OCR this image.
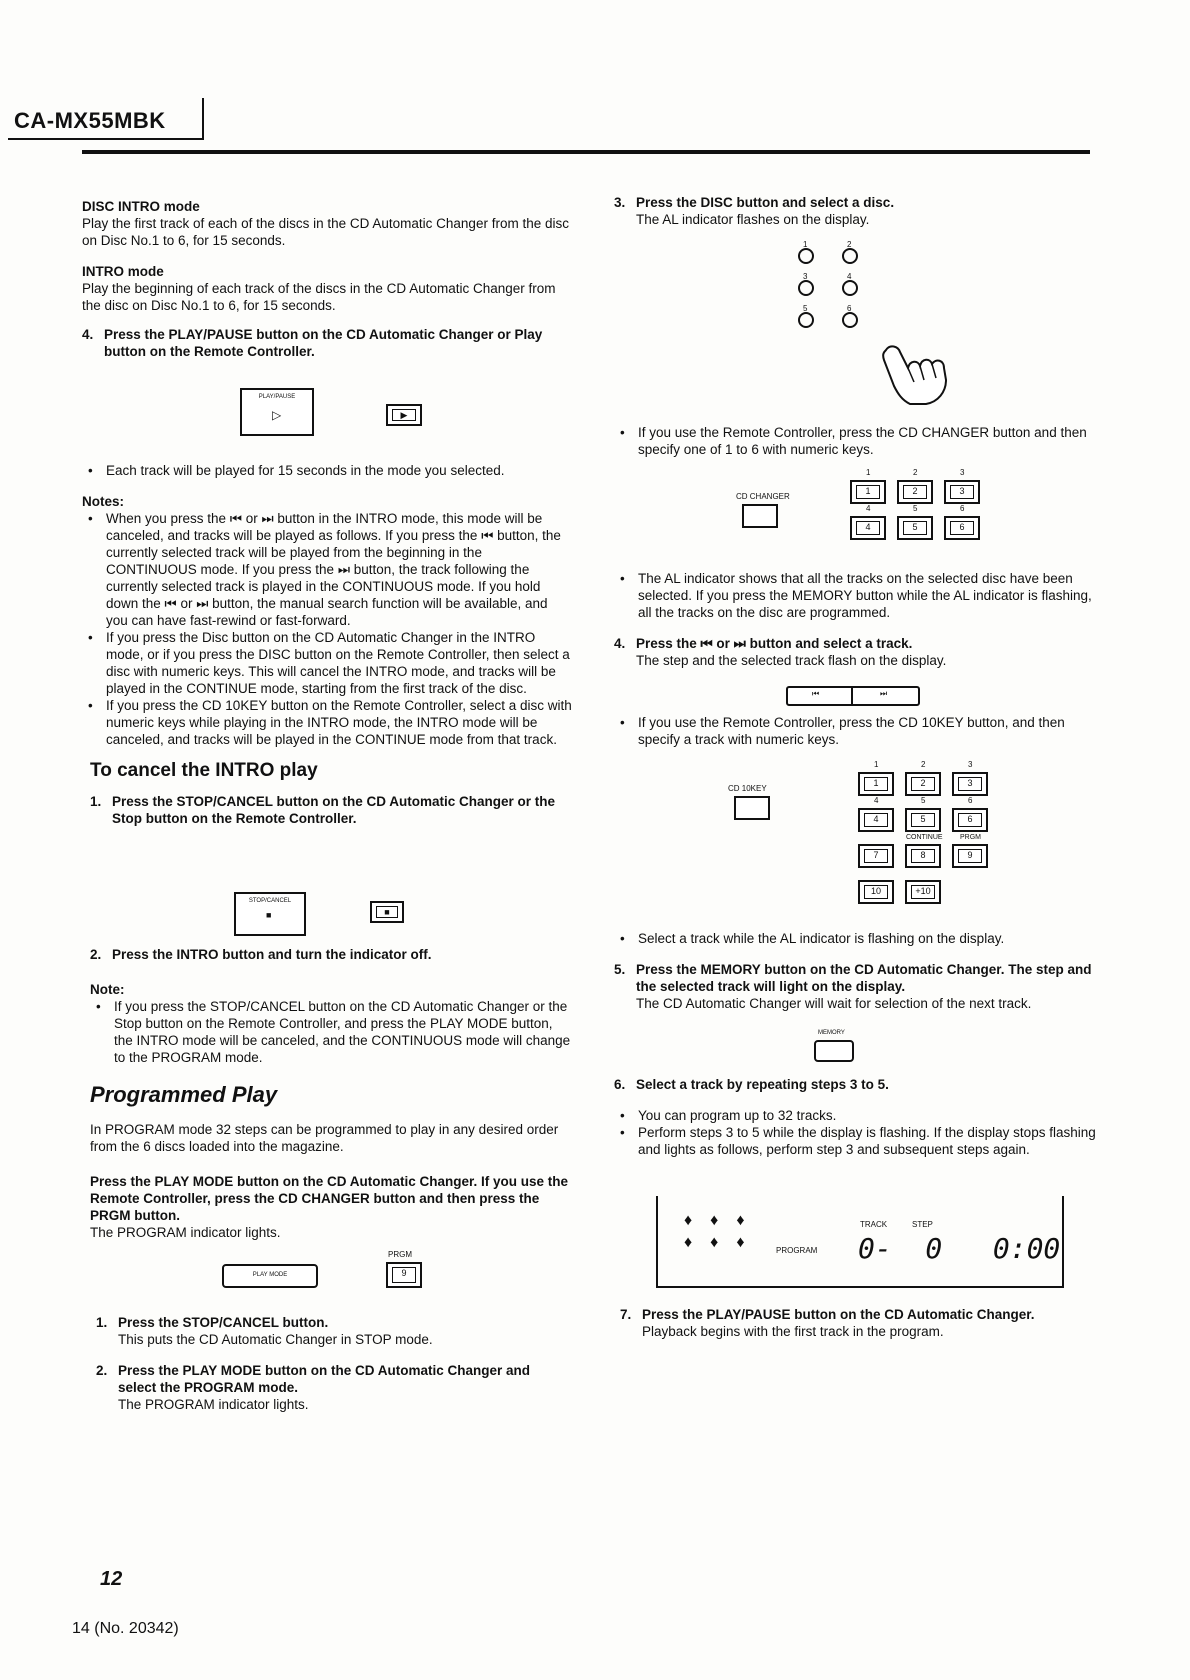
CA-MX55MBK
DISC INTRO mode
Play the first track of each of the discs in the CD Automatic Changer from the disc on Disc No.1 to 6, for 15 seconds.
INTRO mode
Play the beginning of each track of the discs in the CD Automatic Changer from the disc on Disc No.1 to 6, for 15 seconds.
4. Press the PLAY/PAUSE button on the CD Automatic Changer or Play button on the Remote Controller.
PLAY/PAUSE
▷	▶
• Each track will be played for 15 seconds in the mode you selected.
Notes:
• When you press the ⏮ or ⏭ button in the INTRO mode, this mode will be canceled, and tracks will be played as follows. If you press the ⏮ button, the currently selected track will be played from the beginning in the CONTINUOUS mode. If you press the ⏭ button, the track following the currently selected track is played in the CONTINUOUS mode. If you hold down the ⏮ or ⏭ button, the manual search function will be available, and you can have fast-rewind or fast-forward.
• If you press the Disc button on the CD Automatic Changer in the INTRO mode, or if you press the DISC button on the Remote Controller, then select a disc with numeric keys. This will cancel the INTRO mode, and tracks will be played in the CONTINUE mode, starting from the first track of the disc.
• If you press the CD 10KEY button on the Remote Controller, select a disc with numeric keys while playing in the INTRO mode, the INTRO mode will be canceled, and tracks will be played in the CONTINUE mode from that track.
To cancel the INTRO play
1. Press the STOP/CANCEL button on the CD Automatic Changer or the Stop button on the Remote Controller.
STOP/CANCEL
■	■
2. Press the INTRO button and turn the indicator off.
Note:
• If you press the STOP/CANCEL button on the CD Automatic Changer or the Stop button on the Remote Controller, and press the PLAY MODE button, the INTRO mode will be canceled, and the CONTINUOUS mode will change to the PROGRAM mode.
Programmed Play
In PROGRAM mode 32 steps can be programmed to play in any desired order from the 6 discs loaded into the magazine.
Press the PLAY MODE button on the CD Automatic Changer. If you use the Remote Controller, press the CD CHANGER button and then press the PRGM button.
The PROGRAM indicator lights.
PLAY MODE
PRGM
9
1. Press the STOP/CANCEL button.
This puts the CD Automatic Changer in STOP mode.
2. Press the PLAY MODE button on the CD Automatic Changer and select the PROGRAM mode.
The PROGRAM indicator lights.
3. Press the DISC button and select a disc.
The AL indicator flashes on the display.
1	2
3	4
5	6
• If you use the Remote Controller, press the CD CHANGER button and then specify one of 1 to 6 with numeric keys.
CD CHANGER
1	2	3
1	2	3
4	5	6
4	5	6
• The AL indicator shows that all the tracks on the selected disc have been selected. If you press the MEMORY button while the AL indicator is flashing, all the tracks on the disc are programmed.
4. Press the ⏮ or ⏭ button and select a track.
The step and the selected track flash on the display.
⏮	⏭
• If you use the Remote Controller, press the CD 10KEY button, and then specify a track with numeric keys.
CD 10KEY
1	2	3
1	2	3
4	5	6
4	5	6
CONTINUE PRGM
7	8	9
10	+10
• Select a track while the AL indicator is flashing on the display.
5. Press the MEMORY button on the CD Automatic Changer. The step and the selected track will light on the display.
The CD Automatic Changer will wait for selection of the next track.
MEMORY
6. Select a track by repeating steps 3 to 5.
• You can program up to 32 tracks.
• Perform steps 3 to 5 while the display is flashing. If the display stops flashing and lights as follows, perform step 3 and subsequent steps again.
♦♦♦
♦♦♦
TRACK	STEP
PROGRAM 0-  0   0:00
7. Press the PLAY/PAUSE button on the CD Automatic Changer.
Playback begins with the first track in the program.
12
14 (No. 20342)
